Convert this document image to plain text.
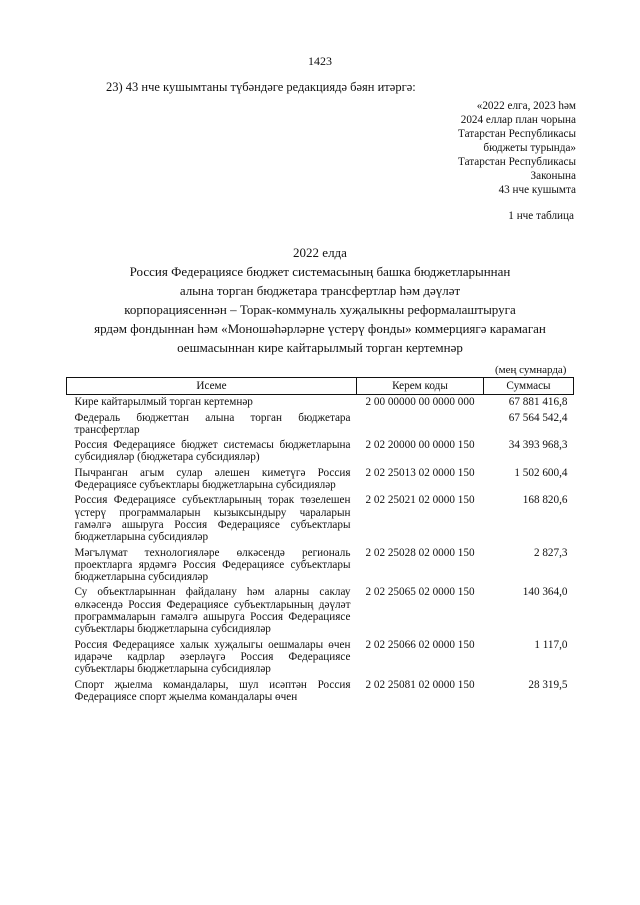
1423
23) 43 нче кушымтаны түбәндәге редакциядә бәян итәргә:
«2022 елга, 2023 һәм
2024 еллар план чорына
Татарстан Республикасы
бюджеты турында»
Татарстан Республикасы
Законына
43 нче кушымта
1 нче таблица
2022 елда
Россия Федерациясе бюджет системасының башка бюджетларыннан
алына торган бюджетара трансфертлар һәм дәүләт
корпорациясеннән – Торак-коммуналь хуҗалыкны реформалаштыруга
ярдәм фондыннан һәм «Моношәһәрләрне үстерү фонды» коммерциягә карамаган
оешмасыннан кире кайтарылмый торган кертемнәр
(мең сумнарда)
Исеме	Керем коды	Суммасы
Кире кайтарылмый торган кертемнәр	2 00 00000 00 0000 000	67 881 416,8
Федераль бюджеттан алына торган бюджетара трансфертлар		67 564 542,4
Россия Федерациясе бюджет системасы бюджетларына субсидияләр (бюджетара субсидияләр)	2 02 20000 00 0000 150	34 393 968,3
Пычранган агым сулар әлешен киметүгә Россия Федерациясе субъектлары бюджетларына субсидияләр	2 02 25013 02 0000 150	1 502 600,4
Россия Федерациясе субъектларының торак төзелешен үстерү программаларын кызыксындыру чараларын гамәлгә ашыруга Россия Федерациясе субъектлары бюджетларына субсидияләр	2 02 25021 02 0000 150	168 820,6
Мәгълүмат технологияләре өлкәсендә региональ проектларга ярдәмгә Россия Федерациясе субъектлары бюджетларына субсидияләр	2 02 25028 02 0000 150	2 827,3
Су объектларыннан файдалану һәм аларны саклау өлкәсендә Россия Федерациясе субъектларының дәүләт программаларын гамәлгә ашыруга Россия Федерациясе субъектлары бюджетларына субсидияләр	2 02 25065 02 0000 150	140 364,0
Россия Федерациясе халык хуҗалыгы оешмалары өчен идарәче кадрлар әзерләүгә Россия Федерациясе субъектлары бюджетларына субсидияләр	2 02 25066 02 0000 150	1 117,0
Спорт җыелма командалары, шул исәптән Россия Федерациясе спорт җыелма командалары өчен	2 02 25081 02 0000 150	28 319,5
